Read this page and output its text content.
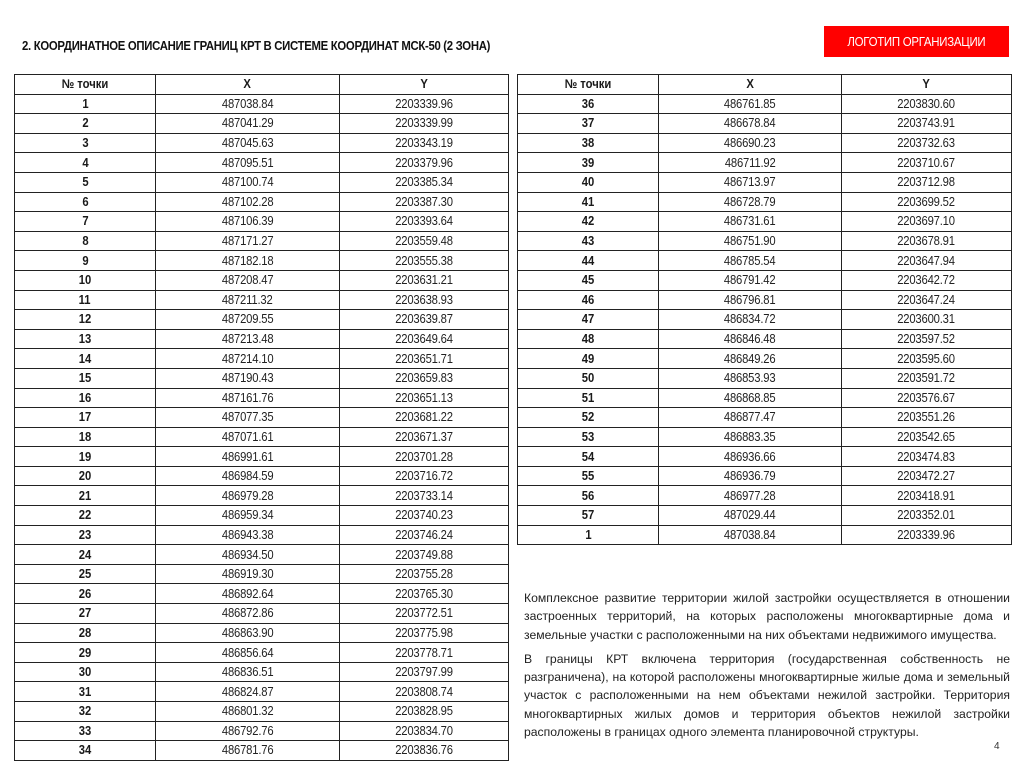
2. КООРДИНАТНОЕ ОПИСАНИЕ ГРАНИЦ КРТ В СИСТЕМЕ КООРДИНАТ МСК-50 (2 ЗОНА)	ЛОГОТИП ОРГАНИЗАЦИИ
№ точки	X	Y
1	487038.84	2203339.96
2	487041.29	2203339.99
3	487045.63	2203343.19
4	487095.51	2203379.96
5	487100.74	2203385.34
6	487102.28	2203387.30
7	487106.39	2203393.64
8	487171.27	2203559.48
9	487182.18	2203555.38
10	487208.47	2203631.21
11	487211.32	2203638.93
12	487209.55	2203639.87
13	487213.48	2203649.64
14	487214.10	2203651.71
15	487190.43	2203659.83
16	487161.76	2203651.13
17	487077.35	2203681.22
18	487071.61	2203671.37
19	486991.61	2203701.28
20	486984.59	2203716.72
21	486979.28	2203733.14
22	486959.34	2203740.23
23	486943.38	2203746.24
24	486934.50	2203749.88
25	486919.30	2203755.28
26	486892.64	2203765.30
27	486872.86	2203772.51
28	486863.90	2203775.98
29	486856.64	2203778.71
30	486836.51	2203797.99
31	486824.87	2203808.74
32	486801.32	2203828.95
33	486792.76	2203834.70
34	486781.76	2203836.76
№ точки	X	Y
36	486761.85	2203830.60
37	486678.84	2203743.91
38	486690.23	2203732.63
39	486711.92	2203710.67
40	486713.97	2203712.98
41	486728.79	2203699.52
42	486731.61	2203697.10
43	486751.90	2203678.91
44	486785.54	2203647.94
45	486791.42	2203642.72
46	486796.81	2203647.24
47	486834.72	2203600.31
48	486846.48	2203597.52
49	486849.26	2203595.60
50	486853.93	2203591.72
51	486868.85	2203576.67
52	486877.47	2203551.26
53	486883.35	2203542.65
54	486936.66	2203474.83
55	486936.79	2203472.27
56	486977.28	2203418.91
57	487029.44	2203352.01
1	487038.84	2203339.96

Комплексное развитие территории жилой застройки осуществляется в отношении застроенных территорий, на которых расположены многоквартирные дома и земельные участки с расположенными на них объектами недвижимого имущества.

В границы КРТ включена территория (государственная собственность не разграничена), на которой расположены многоквартирные жилые дома и земельный участок с расположенными на нем объектами нежилой застройки. Территория многоквартирных жилых домов и территория объектов нежилой застройки расположены в границах одного элемента планировочной структуры.

4
